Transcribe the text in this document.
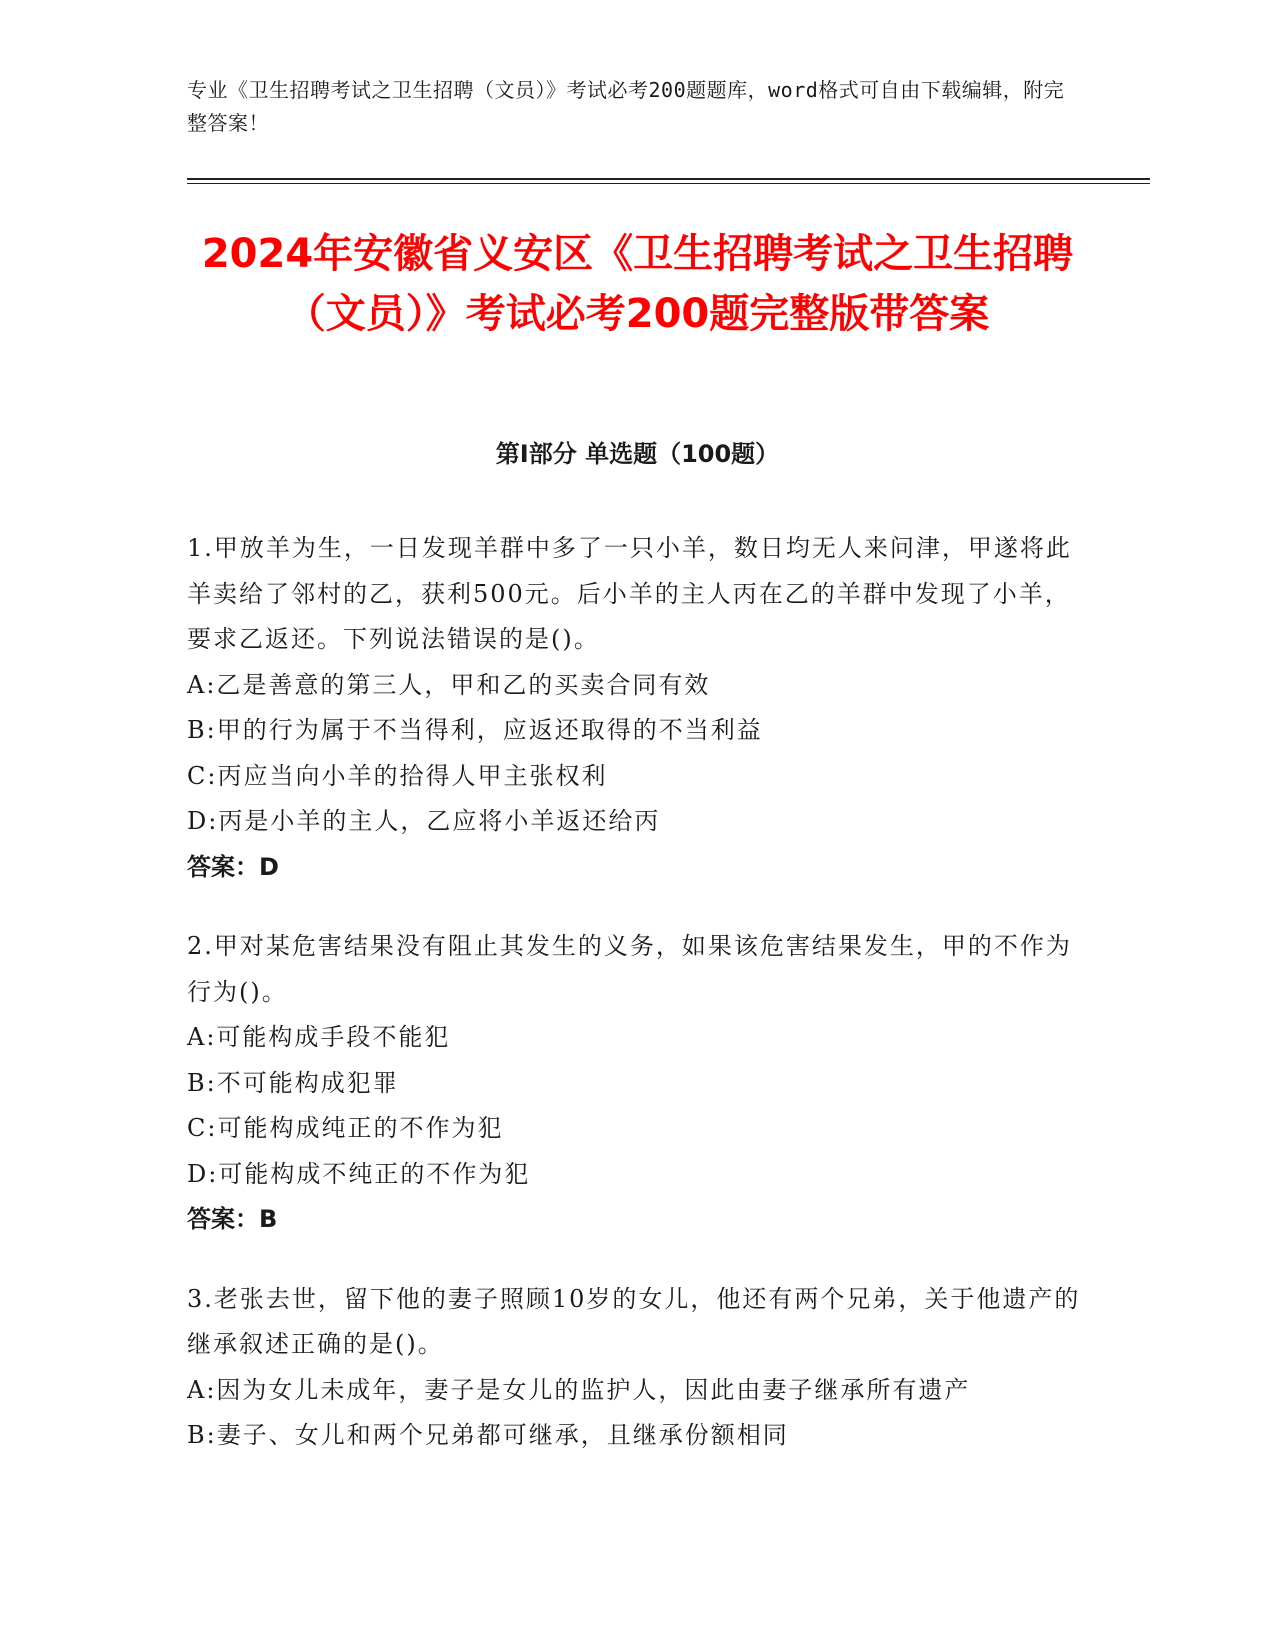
专业《卫生招聘考试之卫生招聘（文员）》考试必考200题题库，word格式可自由下载编辑，附完整答案！
2024年安徽省义安区《卫生招聘考试之卫生招聘（文员）》考试必考200题完整版带答案
第I部分 单选题（100题）
1.甲放羊为生，一日发现羊群中多了一只小羊，数日均无人来问津，甲遂将此羊卖给了邻村的乙，获利500元。后小羊的主人丙在乙的羊群中发现了小羊，要求乙返还。下列说法错误的是()。
A:乙是善意的第三人，甲和乙的买卖合同有效
B:甲的行为属于不当得利，应返还取得的不当利益
C:丙应当向小羊的拾得人甲主张权利
D:丙是小羊的主人，乙应将小羊返还给丙
答案：D
2.甲对某危害结果没有阻止其发生的义务，如果该危害结果发生，甲的不作为行为()。
A:可能构成手段不能犯
B:不可能构成犯罪
C:可能构成纯正的不作为犯
D:可能构成不纯正的不作为犯
答案：B
3.老张去世，留下他的妻子照顾10岁的女儿，他还有两个兄弟，关于他遗产的继承叙述正确的是()。
A:因为女儿未成年，妻子是女儿的监护人，因此由妻子继承所有遗产
B:妻子、女儿和两个兄弟都可继承，且继承份额相同
